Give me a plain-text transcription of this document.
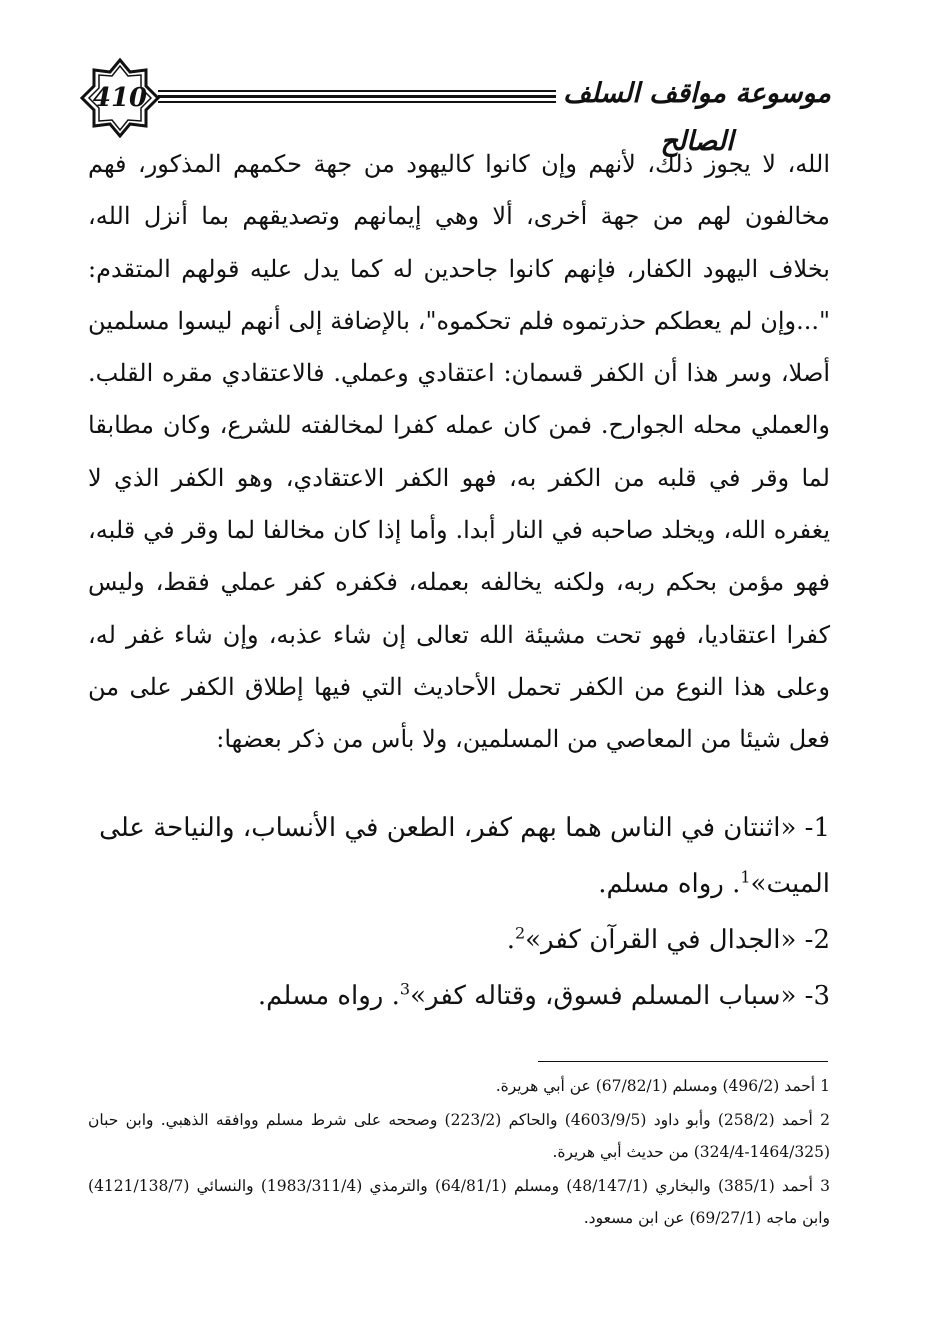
410	موسوعة مواقف السلف الصالح

الله، لا يجوز ذلك، لأنهم وإن كانوا كاليهود من جهة حكمهم المذكور، فهم مخالفون لهم من جهة أخرى، ألا وهي إيمانهم وتصديقهم بما أنزل الله، بخلاف اليهود الكفار، فإنهم كانوا جاحدين له كما يدل عليه قولهم المتقدم: "...وإن لم يعطكم حذرتموه فلم تحكموه"، بالإضافة إلى أنهم ليسوا مسلمين أصلا، وسر هذا أن الكفر قسمان: اعتقادي وعملي. فالاعتقادي مقره القلب. والعملي محله الجوارح. فمن كان عمله كفرا لمخالفته للشرع، وكان مطابقا لما وقر في قلبه من الكفر به، فهو الكفر الاعتقادي، وهو الكفر الذي لا يغفره الله، ويخلد صاحبه في النار أبدا. وأما إذا كان مخالفا لما وقر في قلبه، فهو مؤمن بحكم ربه، ولكنه يخالفه بعمله، فكفره كفر عملي فقط، وليس كفرا اعتقاديا، فهو تحت مشيئة الله تعالى إن شاء عذبه، وإن شاء غفر له، وعلى هذا النوع من الكفر تحمل الأحاديث التي فيها إطلاق الكفر على من فعل شيئا من المعاصي من المسلمين، ولا بأس من ذكر بعضها:

1- «اثنتان في الناس هما بهم كفر، الطعن في الأنساب، والنياحة على الميت»$^1$. رواه مسلم.

2- «الجدال في القرآن كفر»$^2$.

3- «سباب المسلم فسوق، وقتاله كفر»$^3$. رواه مسلم.

1 أحمد (496/2) ومسلم (67/82/1) عن أبي هريرة.

2 أحمد (258/2) وأبو داود (4603/9/5) والحاكم (223/2) وصححه على شرط مسلم ووافقه الذهبي. وابن حبان (1464/325-324/4) من حديث أبي هريرة.

3 أحمد (385/1) والبخاري (48/147/1) ومسلم (64/81/1) والترمذي (1983/311/4) والنسائي (4121/138/7) وابن ماجه (69/27/1) عن ابن مسعود.
